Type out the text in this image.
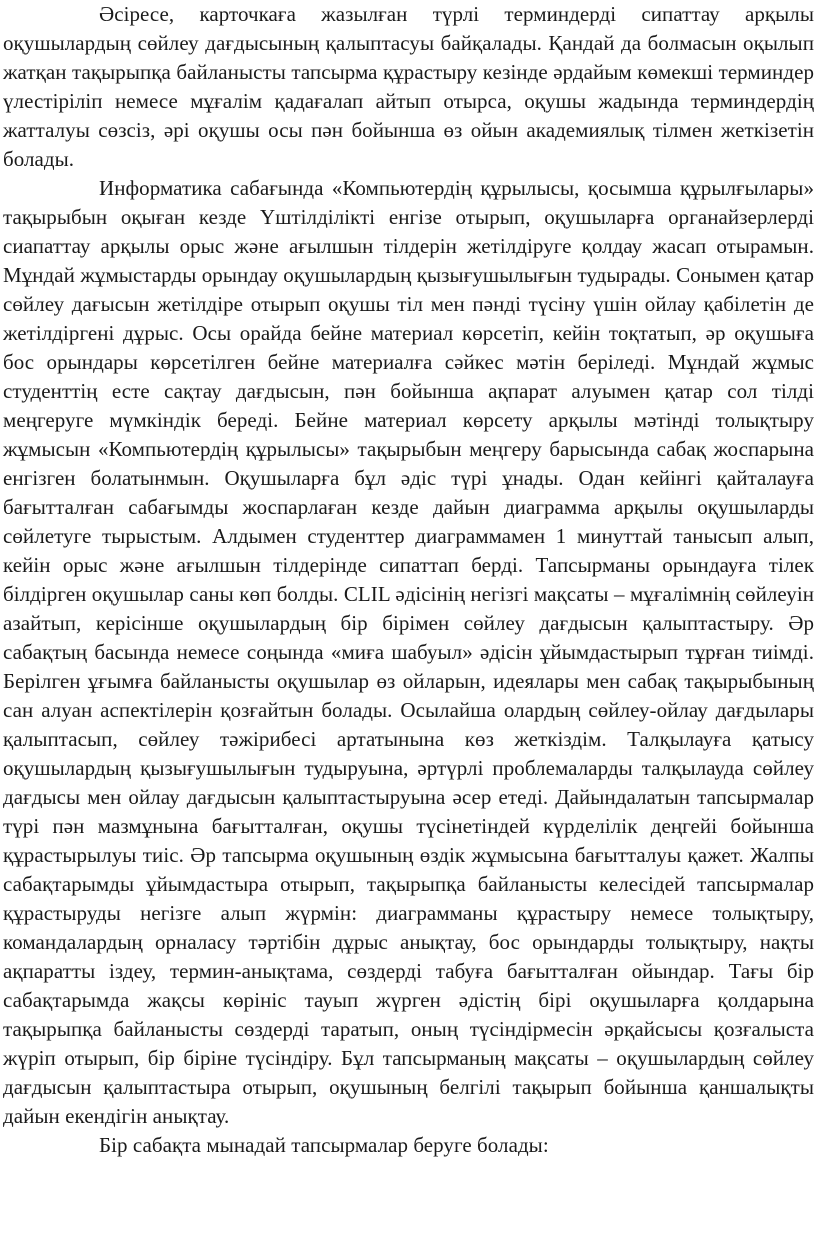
Әсіресе, карточкаға жазылған түрлі терминдерді сипаттау арқылы оқушылардың сөйлеу дағдысының қалыптасуы байқалады. Қандай да болмасын оқылып жатқан тақырыпқа байланысты тапсырма құрастыру кезінде әрдайым көмекші терминдер үлестіріліп немесе мұғалім қадағалап айтып отырса, оқушы жадында терминдердің жатталуы сөзсіз, әрі оқушы осы пән бойынша өз ойын академиялық тілмен жеткізетін болады.

Информатика сабағында «Компьютердің құрылысы, қосымша құрылғылары» тақырыбын оқыған кезде Үштілділікті енгізе отырып, оқушыларға органайзерлерді сиапаттау арқылы орыс және ағылшын тілдерін жетілдіруге қолдау жасап отырамын. Мұндай жұмыстарды орындау оқушылардың қызығушылығын тудырады. Сонымен қатар сөйлеу дағысын жетілдіре отырып оқушы тіл мен пәнді түсіну үшін ойлау қабілетін де жетілдіргені дұрыс. Осы орайда бейне материал көрсетіп, кейін тоқтатып, әр оқушыға бос орындары көрсетілген бейне материалға сәйкес мәтін беріледі. Мұндай жұмыс студенттің есте сақтау дағдысын, пән бойынша ақпарат алуымен қатар сол тілді меңгеруге мүмкіндік береді. Бейне материал көрсету арқылы мәтінді толықтыру жұмысын «Компьютердің құрылысы» тақырыбын меңгеру барысында сабақ жоспарына енгізген болатынмын. Оқушыларға бұл әдіс түрі ұнады. Одан кейінгі қайталауға бағытталған сабағымды жоспарлаған кезде дайын диаграмма арқылы оқушыларды сөйлетуге тырыстым. Алдымен студенттер диаграммамен 1 минуттай танысып алып, кейін орыс және ағылшын тілдерінде сипаттап берді. Тапсырманы орындауға тілек білдірген оқушылар саны көп болды. CLIL әдісінің негізгі мақсаты – мұғалімнің сөйлеуін азайтып, керісінше оқушылардың бір бірімен сөйлеу дағдысын қалыптастыру. Әр сабақтың басында немесе соңында «миға шабуыл» әдісін ұйымдастырып тұрған тиімді. Берілген ұғымға байланысты оқушылар өз ойларын, идеялары мен сабақ тақырыбының сан алуан аспектілерін қозғайтын болады. Осылайша олардың сөйлеу-ойлау дағдылары қалыптасып, сөйлеу тәжірибесі артатынына көз жеткіздім. Талқылауға қатысу оқушылардың қызығушылығын тудыруына, әртүрлі проблемаларды талқылауда сөйлеу дағдысы мен ойлау дағдысын қалыптастыруына әсер етеді. Дайындалатын тапсырмалар түрі пән мазмұнына бағытталған, оқушы түсінетіндей күрделілік деңгейі бойынша құрастырылуы тиіс. Әр тапсырма оқушының өздік жұмысына бағытталуы қажет. Жалпы сабақтарымды ұйымдастыра отырып, тақырыпқа байланысты келесідей тапсырмалар құрастыруды негізге алып жүрмін: диаграмманы құрастыру немесе толықтыру, командалардың орналасу тәртібін дұрыс анықтау, бос орындарды толықтыру, нақты ақпаратты іздеу, термин-анықтама, сөздерді табуға бағытталған ойындар. Тағы бір сабақтарымда жақсы көрініс тауып жүрген әдістің бірі оқушыларға қолдарына тақырыпқа байланысты сөздерді таратып, оның түсіндірмесін әрқайсысы қозғалыста жүріп отырып, бір біріне түсіндіру. Бұл тапсырманың мақсаты – оқушылардың сөйлеу дағдысын қалыптастыра отырып, оқушының белгілі тақырып бойынша қаншалықты дайын екендігін анықтау.

Бір сабақта мынадай тапсырмалар беруге болады:
